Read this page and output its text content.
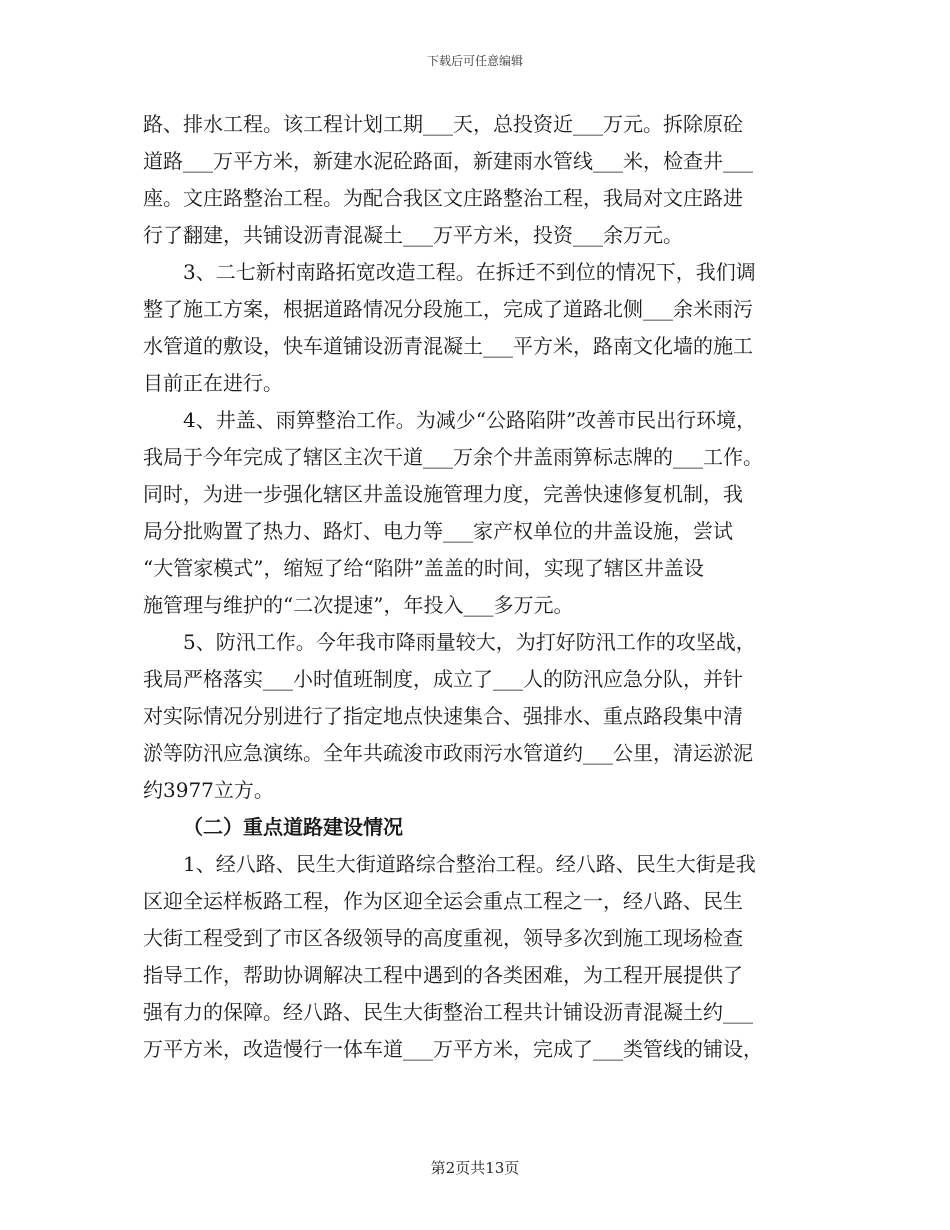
下载后可任意编辑
路、排水工程。该工程计划工期___天，总投资近___万元。拆除原砼
道路___万平方米，新建水泥砼路面，新建雨水管线___米，检查井___
座。文庄路整治工程。为配合我区文庄路整治工程，我局对文庄路进
行了翻建，共铺设沥青混凝土___万平方米，投资___余万元。
3、二七新村南路拓宽改造工程。在拆迁不到位的情况下，我们调
整了施工方案，根据道路情况分段施工，完成了道路北侧___余米雨污
水管道的敷设，快车道铺设沥青混凝土___平方米，路南文化墙的施工
目前正在进行。
4、井盖、雨箅整治工作。为减少“公路陷阱”改善市民出行环境，
我局于今年完成了辖区主次干道___万余个井盖雨箅标志牌的___工作。
同时，为进一步强化辖区井盖设施管理力度，完善快速修复机制，我
局分批购置了热力、路灯、电力等___家产权单位的井盖设施，尝试
“大管家模式”，缩短了给“陷阱”盖盖的时间，实现了辖区井盖设
施管理与维护的“二次提速”，年投入___多万元。
5、防汛工作。今年我市降雨量较大，为打好防汛工作的攻坚战，
我局严格落实___小时值班制度，成立了___人的防汛应急分队，并针
对实际情况分别进行了指定地点快速集合、强排水、重点路段集中清
淤等防汛应急演练。全年共疏浚市政雨污水管道约___公里，清运淤泥
约3977立方。
（二）重点道路建设情况
1、经八路、民生大街道路综合整治工程。经八路、民生大街是我
区迎全运样板路工程，作为区迎全运会重点工程之一，经八路、民生
大街工程受到了市区各级领导的高度重视，领导多次到施工现场检查
指导工作，帮助协调解决工程中遇到的各类困难，为工程开展提供了
强有力的保障。经八路、民生大街整治工程共计铺设沥青混凝土约___
万平方米，改造慢行一体车道___万平方米，完成了___类管线的铺设，
第2页共13页
